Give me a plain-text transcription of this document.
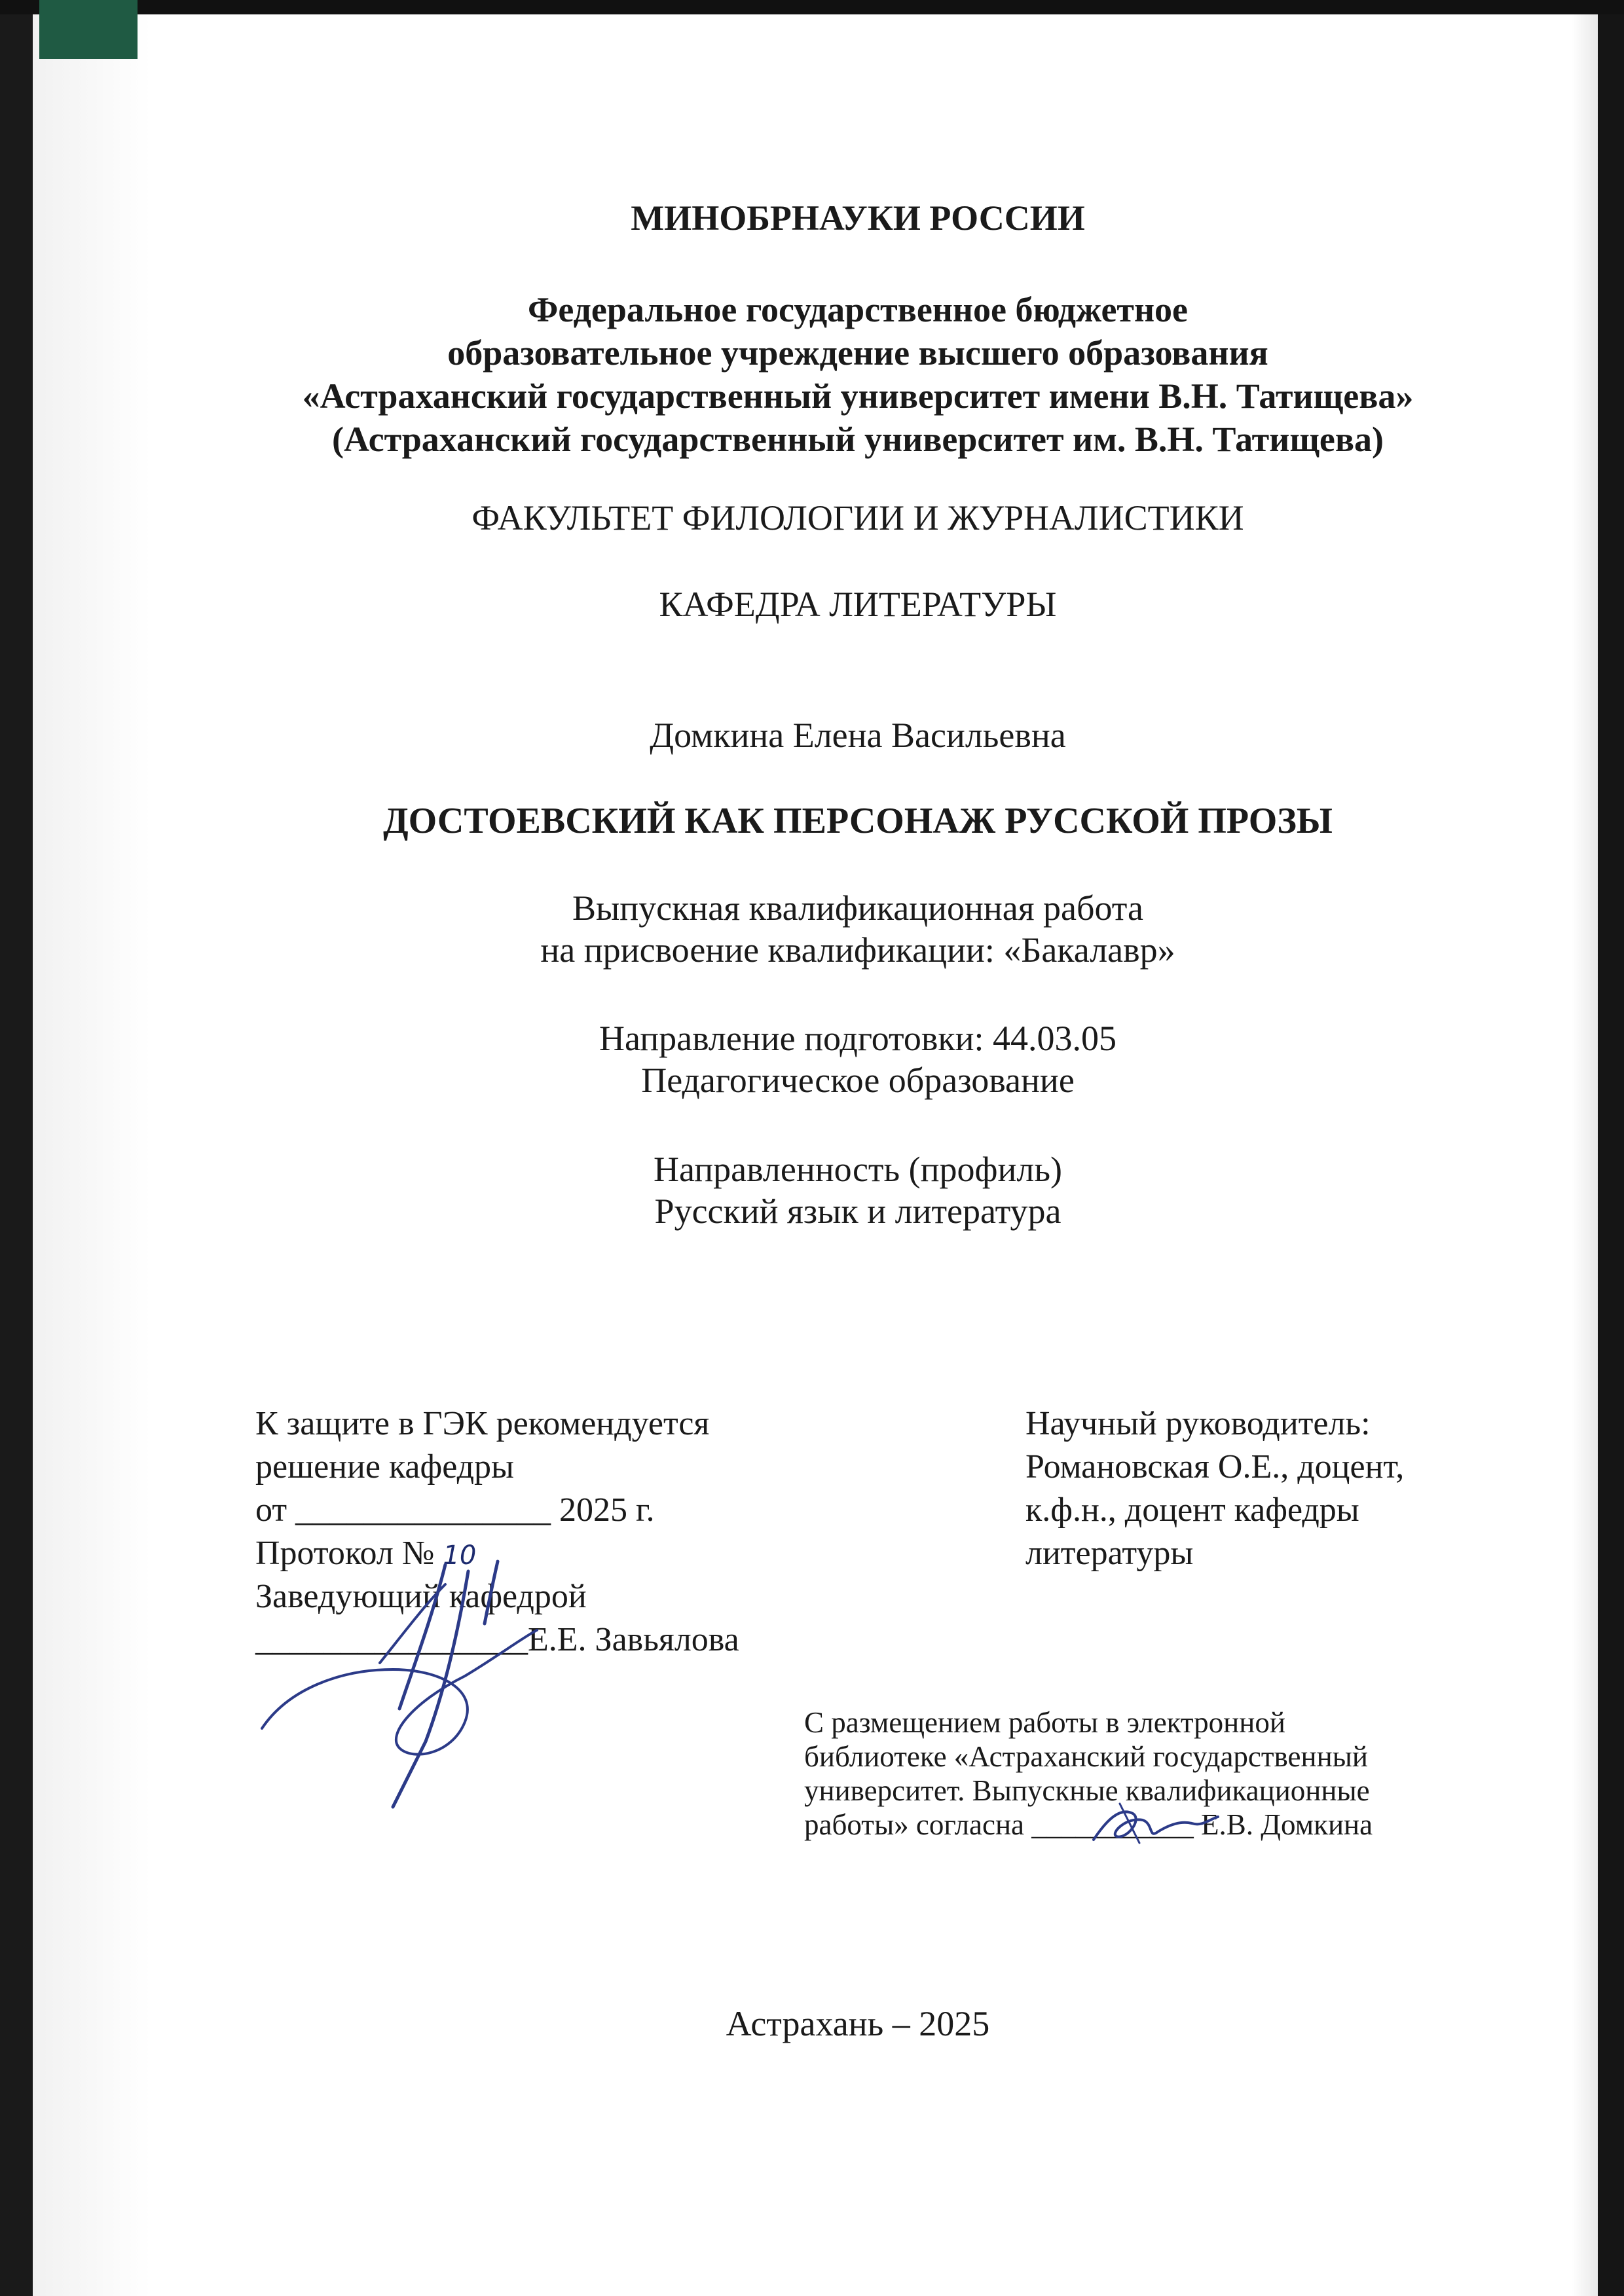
МИНОБРНАУКИ РОССИИ
Федеральное государственное бюджетное
образовательное учреждение высшего образования
«Астраханский государственный университет имени В.Н. Татищева»
(Астраханский государственный университет им. В.Н. Татищева)
ФАКУЛЬТЕТ ФИЛОЛОГИИ И ЖУРНАЛИСТИКИ
КАФЕДРА ЛИТЕРАТУРЫ
Домкина Елена Васильевна
ДОСТОЕВСКИЙ КАК ПЕРСОНАЖ РУССКОЙ ПРОЗЫ
Выпускная квалификационная работа
на присвоение квалификации: «Бакалавр»
Направление подготовки: 44.03.05
Педагогическое образование
Направленность (профиль)
Русский язык и литература
К защите в ГЭК рекомендуется
решение кафедры
от _______________ 2025 г.
Протокол № 10
Заведующий кафедрой
________________Е.Е. Завьялова
Научный руководитель:
Романовская О.Е., доцент,
к.ф.н., доцент кафедры
литературы
С размещением работы в электронной
библиотеке «Астраханский государственный
университет. Выпускные квалификационные
работы» согласна ___________ Е.В. Домкина
Астрахань – 2025
